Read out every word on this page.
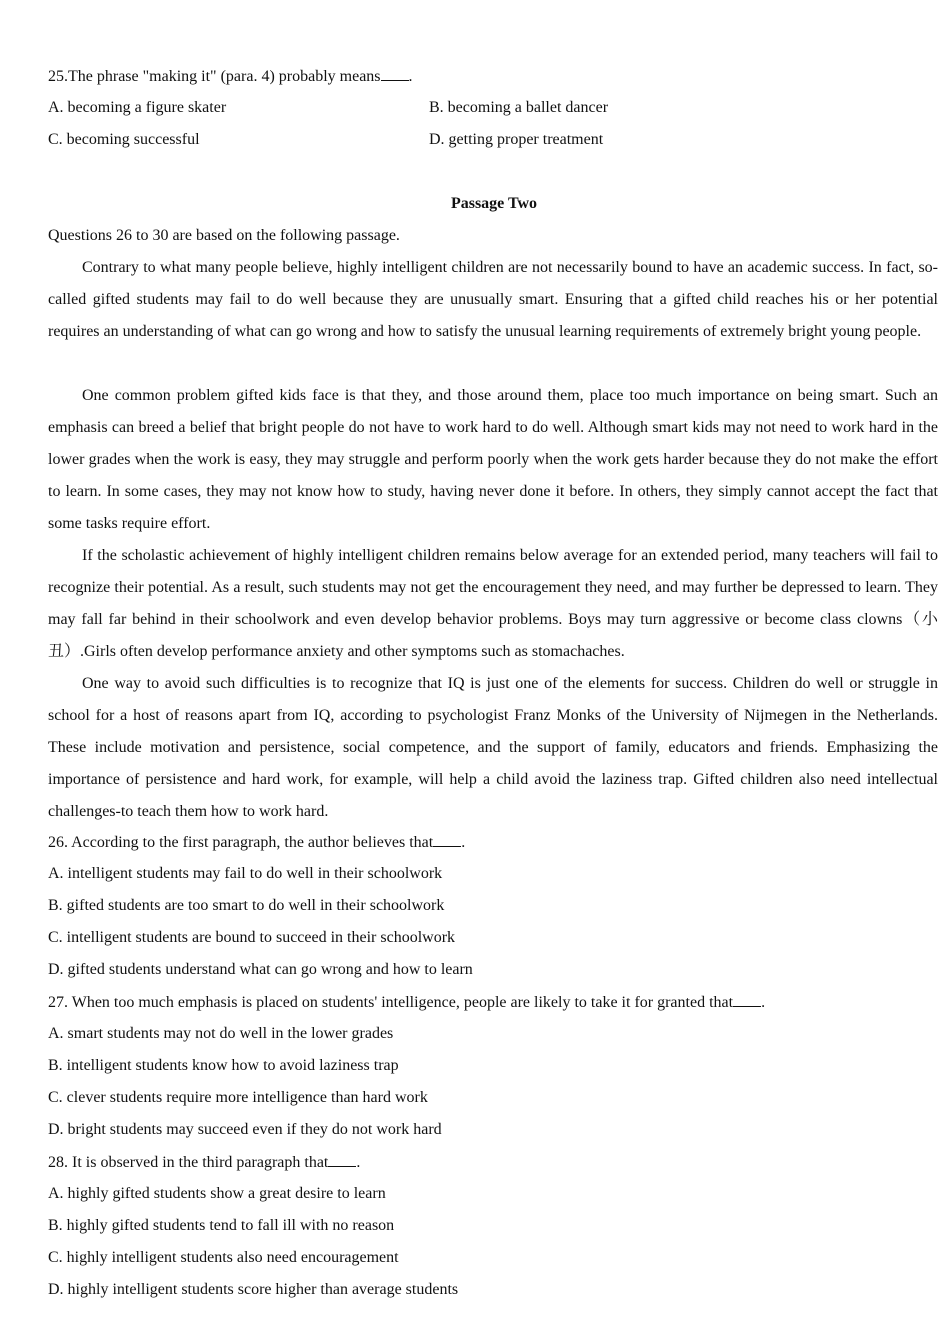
25.The phrase "making it" (para. 4) probably means .
A. becoming a figure skater	B. becoming a ballet dancer
C. becoming successful	D. getting proper treatment
Passage Two
Questions 26 to 30 are based on the following passage.
Contrary to what many people believe, highly intelligent children are not necessarily bound to have an academic success. In fact, so-called gifted students may fail to do well because they are unusually smart. Ensuring that a gifted child reaches his or her potential requires an understanding of what can go wrong and how to satisfy the unusual learning requirements of extremely bright young people.
One common problem gifted kids face is that they, and those around them, place too much importance on being smart. Such an emphasis can breed a belief that bright people do not have to work hard to do well. Although smart kids may not need to work hard in the lower grades when the work is easy, they may struggle and perform poorly when the work gets harder because they do not make the effort to learn. In some cases, they may not know how to study, having never done it before. In others, they simply cannot accept the fact that some tasks require effort.
If the scholastic achievement of highly intelligent children remains below average for an extended period, many teachers will fail to recognize their potential. As a result, such students may not get the encouragement they need, and may further be depressed to learn. They may fall far behind in their schoolwork and even develop behavior problems. Boys may turn aggressive or become class clowns（小丑）.Girls often develop performance anxiety and other symptoms such as stomachaches.
One way to avoid such difficulties is to recognize that IQ is just one of the elements for success. Children do well or struggle in school for a host of reasons apart from IQ, according to psychologist Franz Monks of the University of Nijmegen in the Netherlands. These include motivation and persistence, social competence, and the support of family, educators and friends. Emphasizing the importance of persistence and hard work, for example, will help a child avoid the laziness trap. Gifted children also need intellectual challenges-to teach them how to work hard.
26. According to the first paragraph, the author believes that .
A. intelligent students may fail to do well in their schoolwork
B. gifted students are too smart to do well in their schoolwork
C. intelligent students are bound to succeed in their schoolwork
D. gifted students understand what can go wrong and how to learn
27. When too much emphasis is placed on students' intelligence, people are likely to take it for granted that .
A. smart students may not do well in the lower grades
B. intelligent students know how to avoid laziness trap
C. clever students require more intelligence than hard work
D. bright students may succeed even if they do not work hard
28. It is observed in the third paragraph that .
A. highly gifted students show a great desire to learn
B. highly gifted students tend to fall ill with no reason
C. highly intelligent students also need encouragement
D. highly intelligent students score higher than average students
